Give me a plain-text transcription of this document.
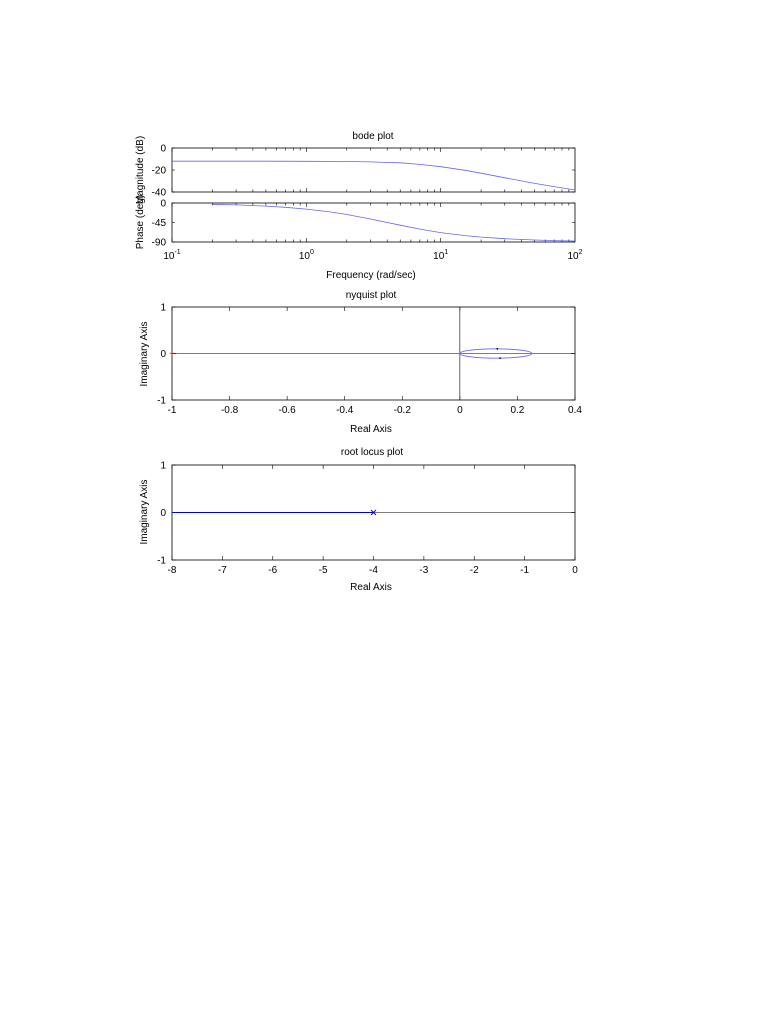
bode plot
0
-20
-40
Magnitude (dB) 0
-45
-90
Phase (deg)
$10^{-1}$	$10^0$	$10^1$	$10^2$
Frequency (rad/sec)
nyquist plot
+
-1	-0.8	-0.6	-0.4	-0.2	0	0.2	0.4
1
0
-1
Real Axis
Imaginary Axis
root locus plot
-8	-7	-6	-5	-4	-3	-2	-1	0
1
0
-1
Real Axis
Imaginary Axis
